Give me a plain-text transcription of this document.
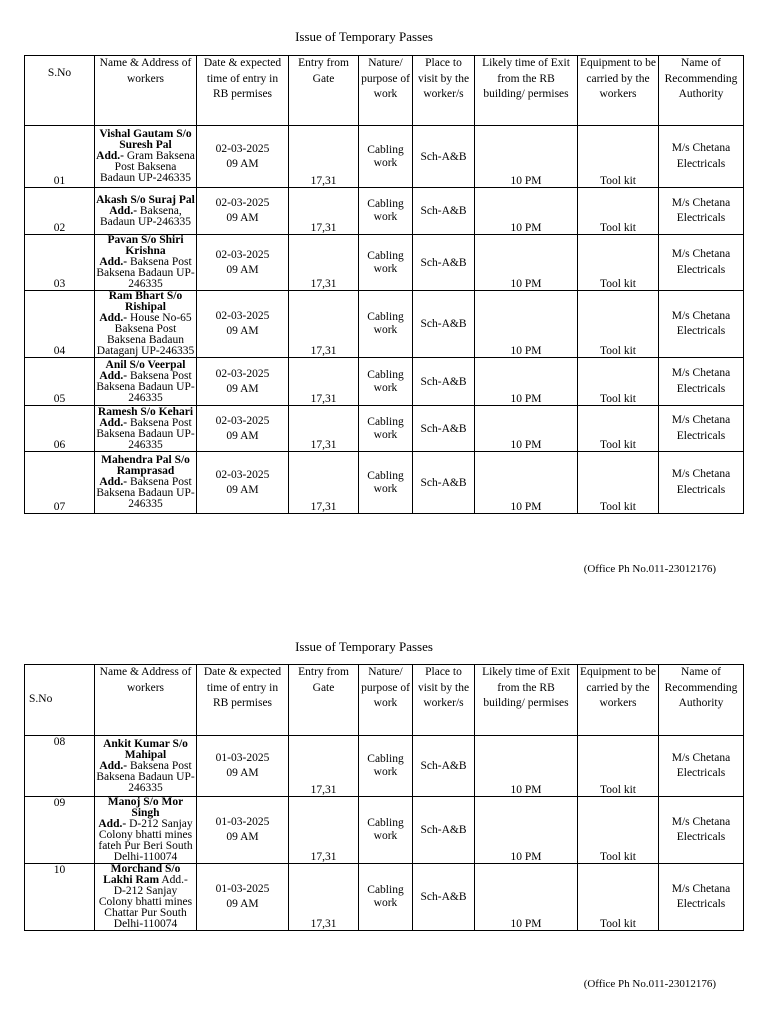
Issue of Temporary Passes
S.No	Name & Address of workers	Date & expected time of entry in RB permises	Entry from Gate	Nature/ purpose of work	Place to visit by the worker/s	Likely time of Exit from the RB building/ permises	Equipment to be carried by the workers	Name of Recommending Authority
01	Vishal Gautam S/o Suresh Pal
Add.- Gram Baksena Post Baksena Badaun UP-246335	02-03-2025
09 AM	17,31	Cabling work	Sch-A&B	10 PM	Tool kit	M/s Chetana Electricals
02	Akash S/o Suraj Pal
Add.- Baksena, Badaun UP-246335	02-03-2025
09 AM	17,31	Cabling work	Sch-A&B	10 PM	Tool kit	M/s Chetana Electricals
03	Pavan S/o Shiri Krishna
Add.- Baksena Post Baksena Badaun UP-246335	02-03-2025
09 AM	17,31	Cabling work	Sch-A&B	10 PM	Tool kit	M/s Chetana Electricals
04	Ram Bhart S/o Rishipal
Add.- House No-65 Baksena Post Baksena Badaun Dataganj UP-246335	02-03-2025
09 AM	17,31	Cabling work	Sch-A&B	10 PM	Tool kit	M/s Chetana Electricals
05	Anil S/o Veerpal
Add.- Baksena Post Baksena Badaun UP-246335	02-03-2025
09 AM	17,31	Cabling work	Sch-A&B	10 PM	Tool kit	M/s Chetana Electricals
06	Ramesh S/o Kehari
Add.- Baksena Post Baksena Badaun UP-246335	02-03-2025
09 AM	17,31	Cabling work	Sch-A&B	10 PM	Tool kit	M/s Chetana Electricals
07	Mahendra Pal S/o Ramprasad
Add.- Baksena Post Baksena Badaun UP-246335	02-03-2025
09 AM	17,31	Cabling work	Sch-A&B	10 PM	Tool kit	M/s Chetana Electricals
(Office Ph No.011-23012176)
Issue of Temporary Passes
S.No	Name & Address of workers	Date & expected time of entry in RB permises	Entry from Gate	Nature/ purpose of work	Place to visit by the worker/s	Likely time of Exit from the RB building/ permises	Equipment to be carried by the workers	Name of Recommending Authority
08	Ankit Kumar S/o Mahipal
Add.- Baksena Post Baksena Badaun UP-246335	01-03-2025
09 AM	17,31	Cabling work	Sch-A&B	10 PM	Tool kit	M/s Chetana Electricals
09	Manoj S/o Mor Singh
Add.- D-212 Sanjay Colony bhatti mines fateh Pur Beri South Delhi-110074	01-03-2025
09 AM	17,31	Cabling work	Sch-A&B	10 PM	Tool kit	M/s Chetana Electricals
10	Morchand S/o Lakhi Ram Add.- D-212 Sanjay Colony bhatti mines Chattar Pur South Delhi-110074	01-03-2025
09 AM	17,31	Cabling work	Sch-A&B	10 PM	Tool kit	M/s Chetana Electricals
(Office Ph No.011-23012176)
